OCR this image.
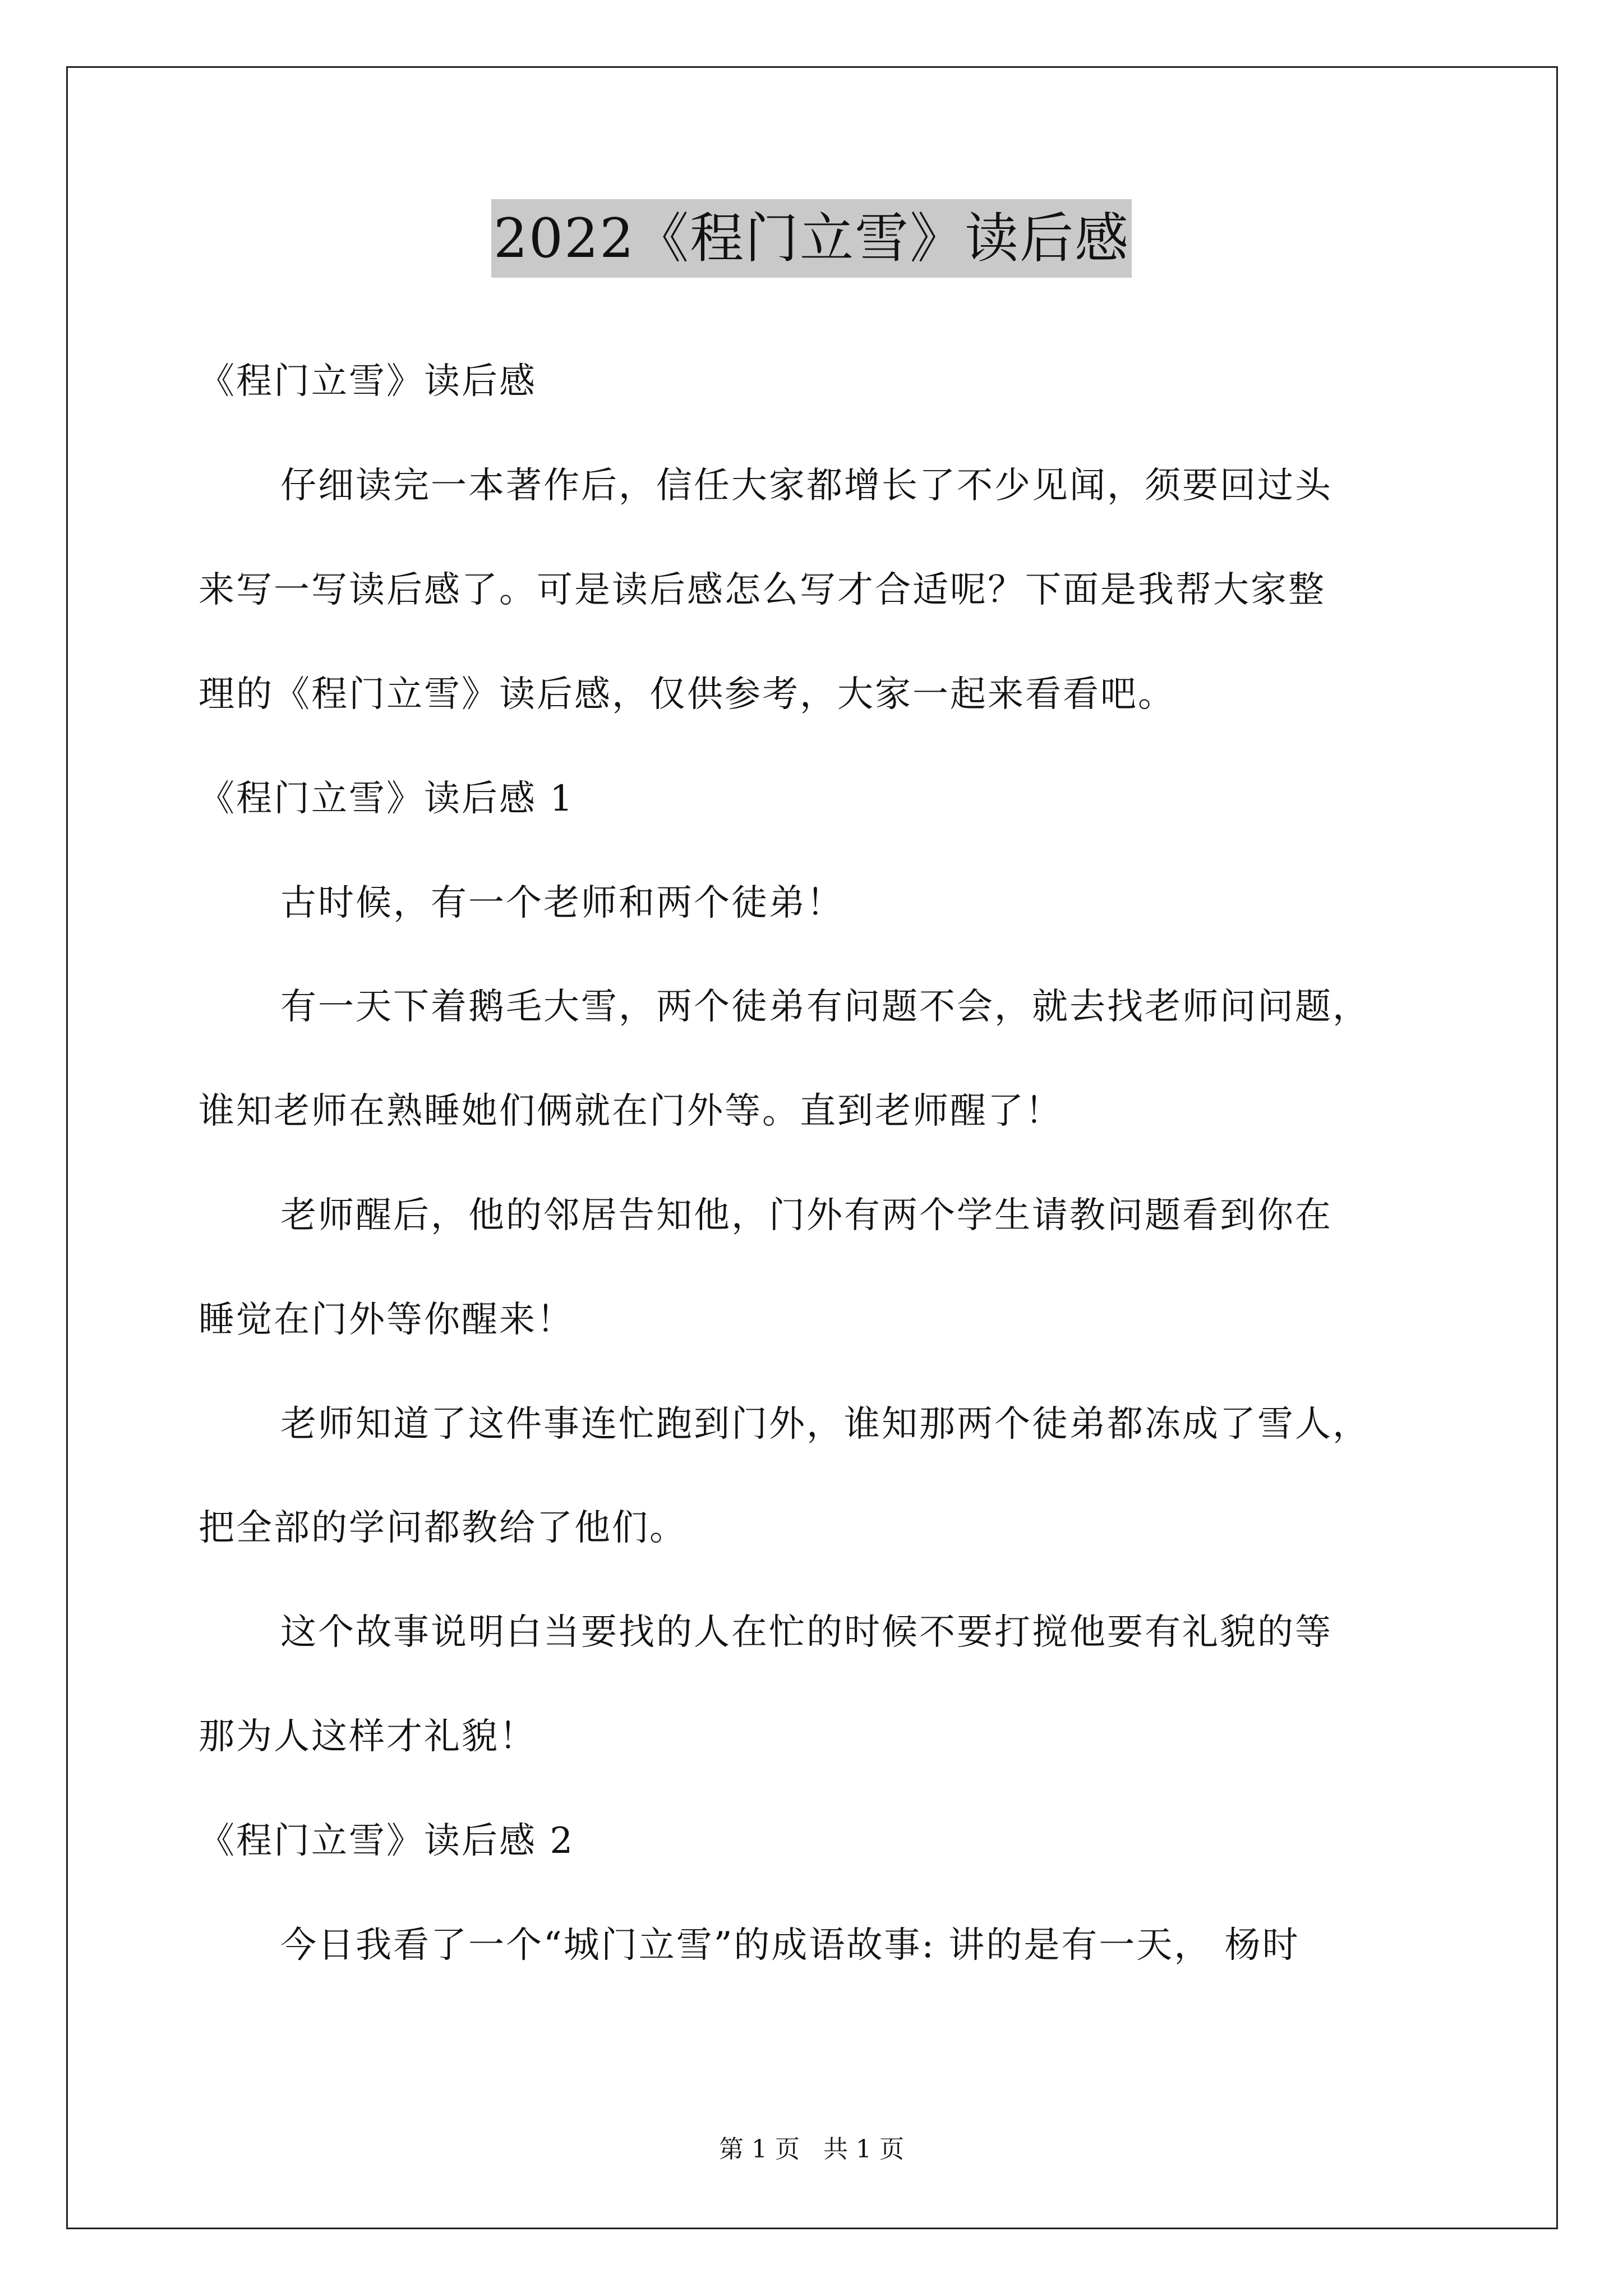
2022《程门立雪》读后感
《程门立雪》读后感
仔细读完一本著作后，信任大家都增长了不少见闻，须要回过头
来写一写读后感了。可是读后感怎么写才合适呢？下面是我帮大家整
理的《程门立雪》读后感，仅供参考，大家一起来看看吧。
《程门立雪》读后感 1
古时候，有一个老师和两个徒弟！
有一天下着鹅毛大雪，两个徒弟有问题不会，就去找老师问问题，
谁知老师在熟睡她们俩就在门外等。直到老师醒了！
老师醒后，他的邻居告知他，门外有两个学生请教问题看到你在
睡觉在门外等你醒来！
老师知道了这件事连忙跑到门外，谁知那两个徒弟都冻成了雪人，
把全部的学问都教给了他们。
这个故事说明白当要找的人在忙的时候不要打搅他要有礼貌的等
那为人这样才礼貌！
《程门立雪》读后感 2
今日我看了一个“城门立雪”的成语故事: 讲的是有一天， 杨时
第 1 页   共 1 页
